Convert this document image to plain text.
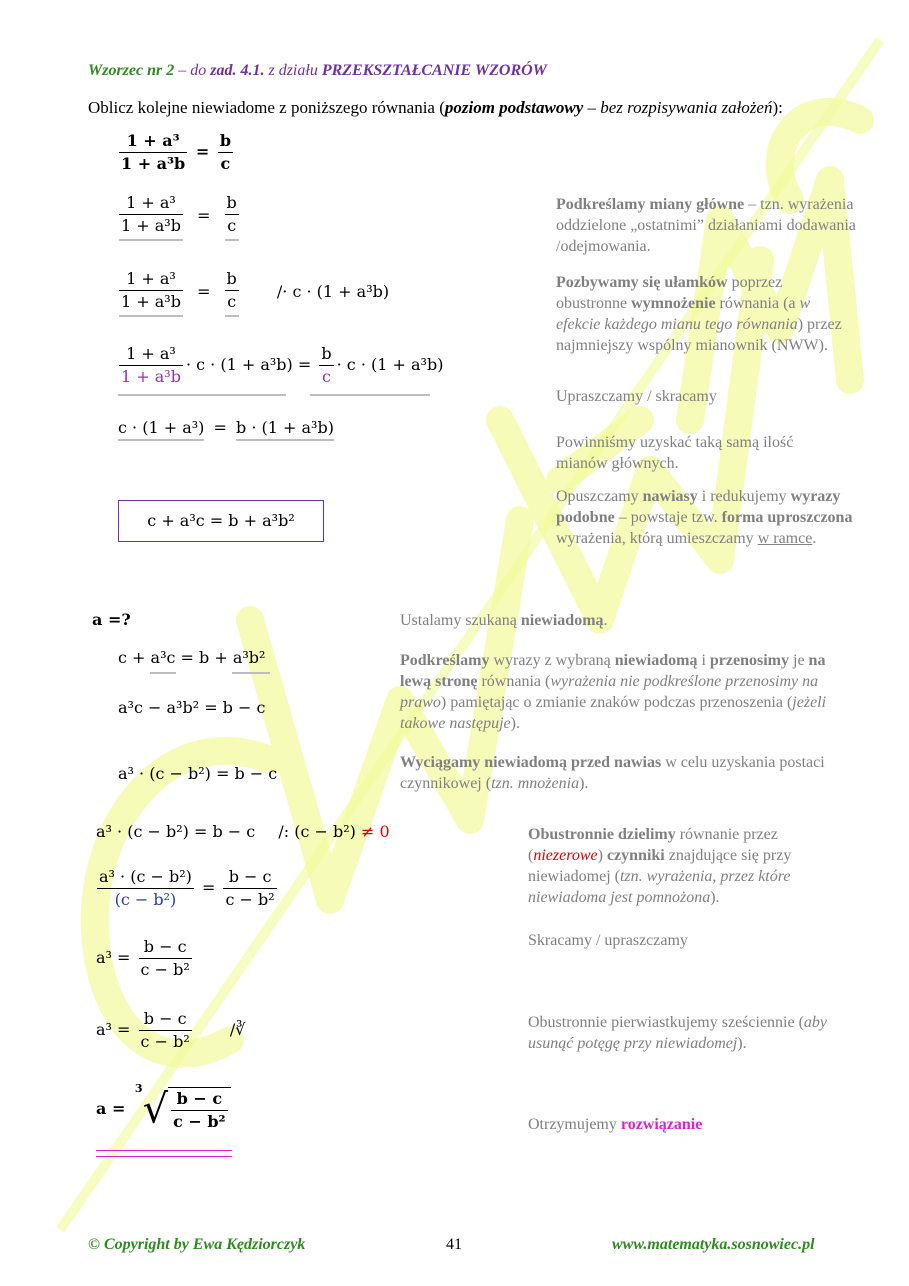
Wzorzec nr 2 – do zad. 4.1. z działu PRZEKSZTAŁCANIE WZORÓW
Oblicz kolejne niewiadome z poniższego równania (poziom podstawowy – bez rozpisywania założeń):
$\frac{\text{1 + a³}}{\text{1 + a³b}} = \frac{b}{c}$
$\frac{\text{1 + a³}}{\text{1 + a³b}} = \frac{b}{c}$
$\frac{\text{1 + a³}}{\text{1 + a³b}} = \frac{b}{c} /\cdot c \cdot (1 + a^3b)$
$\frac{\text{1 + a³}}{\text{1 + a³b}} \cdot c \cdot (1 + a^3b) = \frac{b}{c} \cdot c \cdot (1 + a^3b)$
c · (1 + a³) = b · (1 + a³b)
c + a³c = b + a³b²
Podkreślamy miany główne – tzn. wyrażenia oddzielone „ostatnimi” działaniami dodawania /odejmowania.
Pozbywamy się ułamków poprzez obustronne wymnożenie równania (a w efekcie każdego mianu tego równania) przez najmniejszy wspólny mianownik (NWW).
Upraszczamy / skracamy
Powinniśmy uzyskać taką samą ilość mianów głównych.
Opuszczamy nawiasy i redukujemy wyrazy podobne – powstaje tzw. forma uproszczona wyrażenia, którą umieszczamy w ramce.
a =?	Ustalamy szukaną niewiadomą.
c + a³c = b + a³b²
a³c − a³b² = b − c
Podkreślamy wyrazy z wybraną niewiadomą i przenosimy je na lewą stronę równania (wyrażenia nie podkreślone przenosimy na prawo) pamiętając o zmianie znaków podczas przenoszenia (jeżeli takowe następuje).
a³ · (c − b²) = b − c
Wyciągamy niewiadomą przed nawias w celu uzyskania postaci czynnikowej (tzn. mnożenia).
a³ · (c − b²) = b − c /: (c − b²) ≠ 0
$\frac{\text{a³ · (c − b²)}}{\text{(c − b²)}} = \frac{b - c}{\text{c − b²}}$
$a^3 = \frac{b - c}{\text{c − b²}}$
$a^3 = \frac{b - c}{\text{c − b²}}$ /∛
$a = ^3√ \frac{b - c}{\text{c − b²}}$
Obustronnie dzielimy równanie przez (niezerowe) czynniki znajdujące się przy niewiadomej (tzn. wyrażenia, przez które niewiadoma jest pomnożona).
Skracamy / upraszczamy
Obustronnie pierwiastkujemy sześciennie (aby usunąć potęgę przy niewiadomej).
Otrzymujemy rozwiązanie
© Copyright by Ewa Kędziorczyk	41	www.matematyka.sosnowiec.pl
